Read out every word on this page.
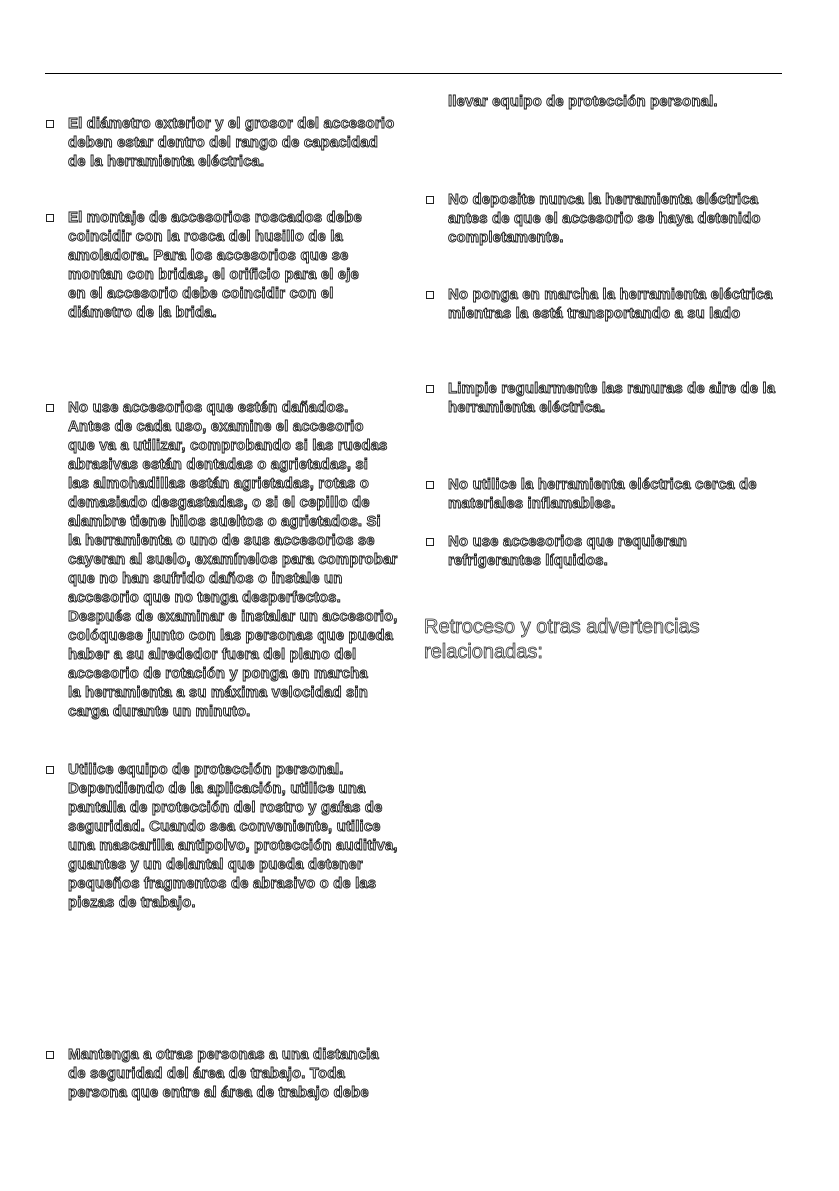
El diámetro exterior y el grosor del accesorio
deben estar dentro del rango de capacidad
de la herramienta eléctrica.
El montaje de accesorios roscados debe
coincidir con la rosca del husillo de la
amoladora. Para los accesorios que se
montan con bridas, el orificio para el eje
en el accesorio debe coincidir con el
diámetro de la brida.
No use accesorios que estén dañados.
Antes de cada uso, examine el accesorio
que va a utilizar, comprobando si las ruedas
abrasivas están dentadas o agrietadas, si
las almohadillas están agrietadas, rotas o
demasiado desgastadas, o si el cepillo de
alambre tiene hilos sueltos o agrietados. Si
la herramienta o uno de sus accesorios se
cayeran al suelo, examínelos para comprobar
que no han sufrido daños o instale un
accesorio que no tenga desperfectos.
Después de examinar e instalar un accesorio,
colóquese junto con las personas que pueda
haber a su alrededor fuera del plano del
accesorio de rotación y ponga en marcha
la herramienta a su máxima velocidad sin
carga durante un minuto.
Utilice equipo de protección personal.
Dependiendo de la aplicación, utilice una
pantalla de protección del rostro y gafas de
seguridad. Cuando sea conveniente, utilice
una mascarilla antipolvo, protección auditiva,
guantes y un delantal que pueda detener
pequeños fragmentos de abrasivo o de las
piezas de trabajo.
Mantenga a otras personas a una distancia
de seguridad del área de trabajo. Toda
persona que entre al área de trabajo debe
llevar equipo de protección personal.
No deposite nunca la herramienta eléctrica
antes de que el accesorio se haya detenido
completamente.
No ponga en marcha la herramienta eléctrica
mientras la está transportando a su lado
Limpie regularmente las ranuras de aire de la
herramienta eléctrica.
No utilice la herramienta eléctrica cerca de
materiales inflamables.
No use accesorios que requieran
refrigerantes líquidos.
Retroceso y otras advertencias
relacionadas:
